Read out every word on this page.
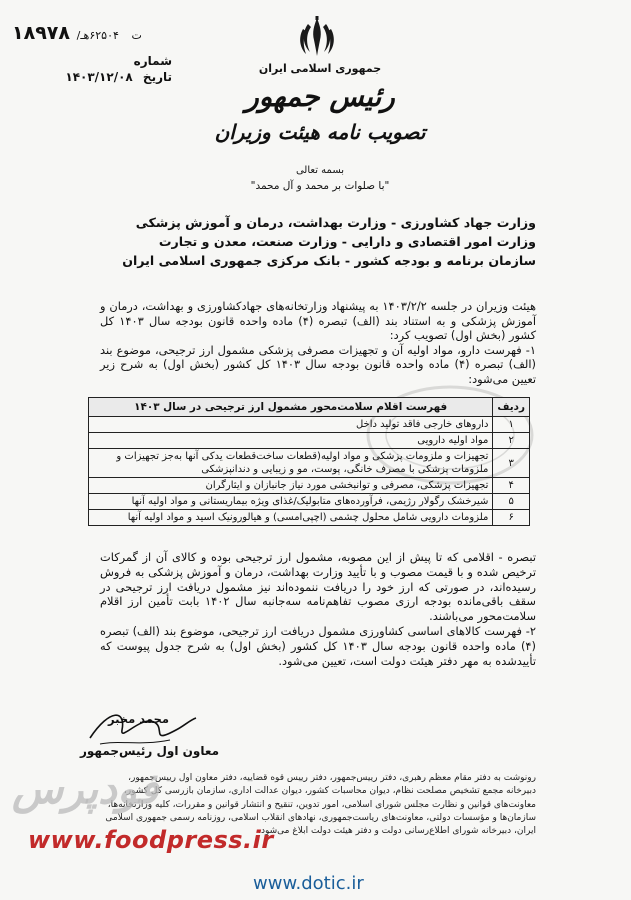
۱۸۹۷۸ /ت ۶۲۵۰۴هـ
شماره
تاریخ ۱۴۰۳/۱۲/۰۸
جمهوری اسلامی ایران
رئیس جمهور
تصویب نامه هیئت وزیران
بسمه تعالی
"با صلوات بر محمد و آل محمد"
وزارت جهاد کشاورزی - وزارت بهداشت، درمان و آموزش پزشکی
وزارت امور اقتصادی و دارایی - وزارت صنعت، معدن و تجارت
سازمان برنامه و بودجه کشور - بانک مرکزی جمهوری اسلامی ایران

هیئت وزیران در جلسه ۱۴۰۳/۲/۲ به پیشنهاد وزارتخانه‌های جهادکشاورزی و بهداشت، درمان و آموزش پزشکی و به استناد بند (الف) تبصره (۴) ماده واحده قانون بودجه سال ۱۴۰۳ کل کشور (بخش اول) تصویب کرد:

۱- فهرست دارو، مواد اولیه آن و تجهیزات مصرفی پزشکی مشمول ارز ترجیحی، موضوع بند (الف) تبصره (۴) ماده واحده قانون بودجه سال ۱۴۰۳ کل کشور (بخش اول) به شرح زیر تعیین می‌شود:

ردیف	فهرست اقلام سلامت‌محور مشمول ارز ترجیحی در سال ۱۴۰۳
۱	داروهای خارجی فاقد تولید داخل
۲	مواد اولیه دارویی
۳	تجهیزات و ملزومات پزشکی و مواد اولیه(قطعات ساخت‌قطعات یدکی آنها به‌جز تجهیزات و ملزومات پزشکی با مصرف خانگی، پوست، مو و زیبایی و دندانپزشکی
۴	تجهیزات پزشکی، مصرفی و توانبخشی مورد نیاز جانبازان و ایثارگران
۵	شیرخشک رگولار رژیمی، فرآورده‌های متابولیک/غذای ویژه بیماریستانی و مواد اولیه آنها
۶	ملزومات دارویی شامل محلول چشمی (اچپی‌امسی) و هیالورونیک اسید و مواد اولیه آنها

تبصره - اقلامی که تا پیش از این مصوبه، مشمول ارز ترجیحی بوده و کالای آن از گمرکات ترخیص شده و با قیمت مصوب و با تأیید وزارت بهداشت، درمان و آموزش پزشکی به فروش رسیده‌اند، در صورتی که ارز خود را دریافت ننموده‌اند نیز مشمول دریافت ارز ترجیحی در سقف باقی‌مانده بودجه ارزی مصوب تفاهم‌نامه سه‌جانبه سال ۱۴۰۲ بابت تأمین ارز اقلام سلامت‌محور می‌باشند.

۲- فهرست کالاهای اساسی کشاورزی مشمول دریافت ارز ترجیحی، موضوع بند (الف) تبصره (۴) ماده واحده قانون بودجه سال ۱۴۰۳ کل کشور (بخش اول) به شرح جدول پیوست که تأییدشده به مهر دفتر هیئت دولت است، تعیین می‌شود.

محمد مخبر
معاون اول رئیس‌جمهور
رونوشت به دفتر مقام معظم رهبری، دفتر رییس‌جمهور، دفتر رییس قوه قضاییه، دفتر معاون اول رییس‌جمهور، دبیرخانه مجمع تشخیص مصلحت نظام، دیوان محاسبات کشور، دیوان عدالت اداری، سازمان بازرسی کل کشور، معاونت‌های قوانین و نظارت مجلس شورای اسلامی، امور تدوین، تنقیح و انتشار قوانین و مقررات، کلیه وزارتخانه‌ها، سازمان‌ها و مؤسسات دولتی، معاونت‌های ریاست‌جمهوری، نهادهای انقلاب اسلامی، روزنامه رسمی جمهوری اسلامی ایران، دبیرخانه شورای اطلاع‌رسانی دولت و دفتر هیئت دولت ابلاغ می‌شود.
فودپرس
www.foodpress.ir
www.dotic.ir
